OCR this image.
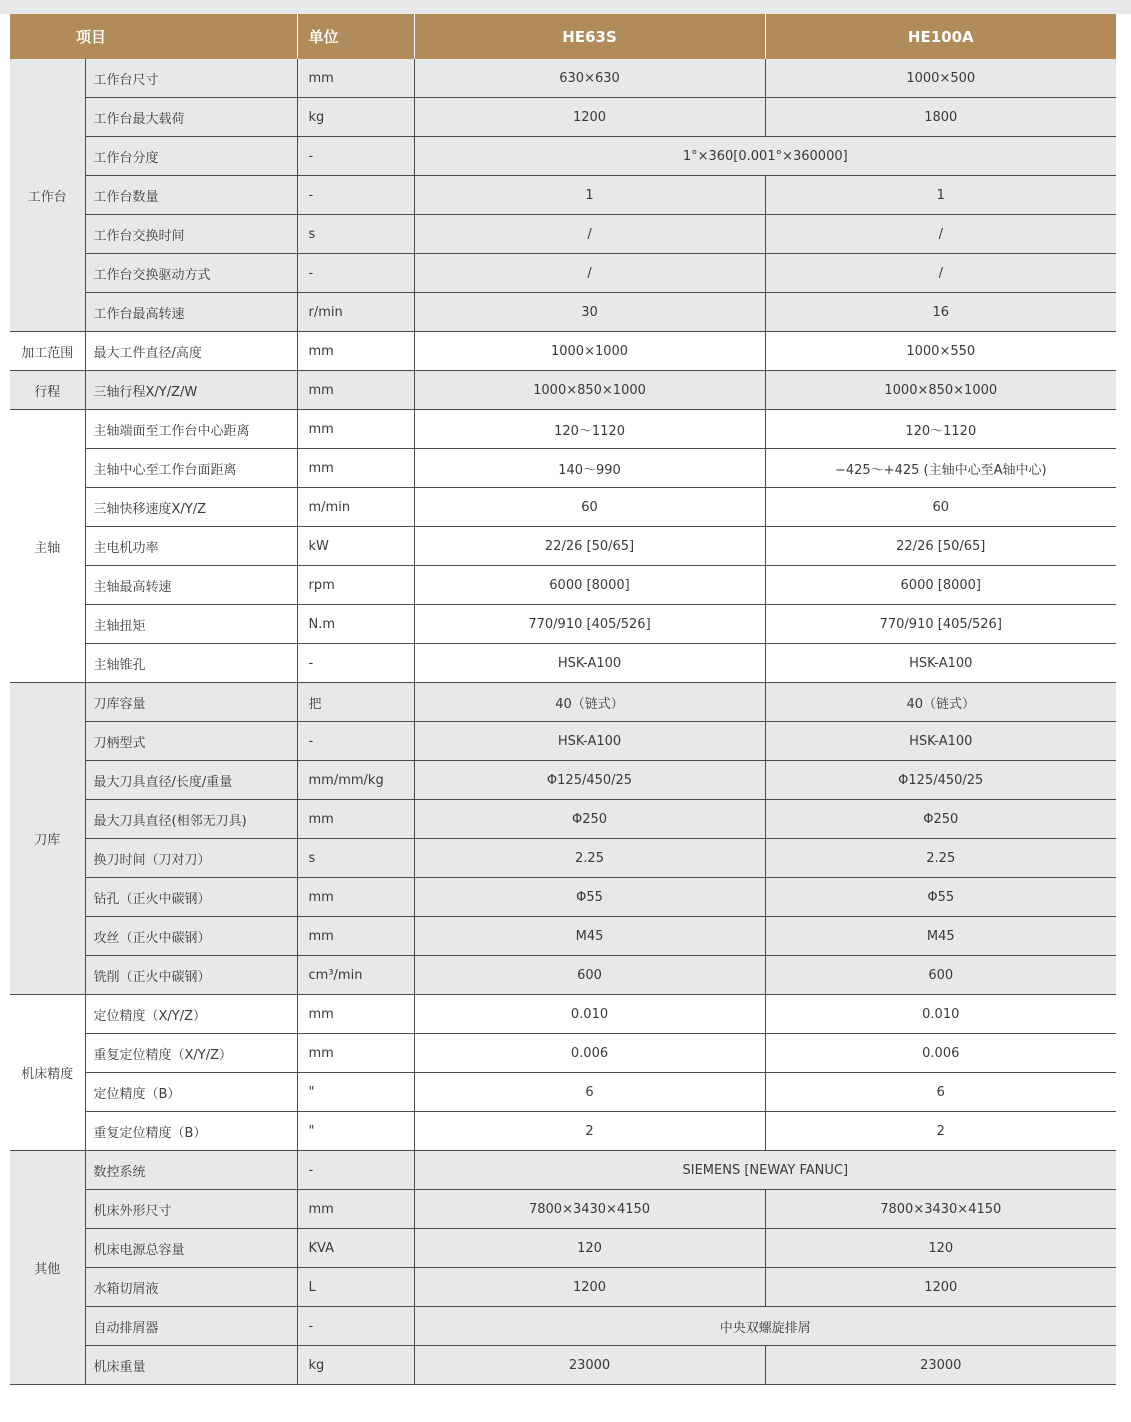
项目		单位	HE63S	HE100A
工作台	工作台尺寸	mm	630×630	1000×500
	工作台最大载荷	kg	1200	1800
	工作台分度	-	1°×360[0.001°×360000]	
	工作台数量	-	1	1
	工作台交换时间	s	/	/
	工作台交换驱动方式	-	/	/
	工作台最高转速	r/min	30	16
加工范围	最大工件直径/高度	mm	1000×1000	1000×550
行程	三轴行程X/Y/Z/W	mm	1000×850×1000	1000×850×1000
主轴	主轴端面至工作台中心距离	mm	120～1120	120～1120
	主轴中心至工作台面距离	mm	140～990	−425～+425 (主轴中心至A轴中心)
	三轴快移速度X/Y/Z	m/min	60	60
	主电机功率	kW	22/26 [50/65]	22/26 [50/65]
	主轴最高转速	rpm	6000 [8000]	6000 [8000]
	主轴扭矩	N.m	770/910 [405/526]	770/910 [405/526]
	主轴锥孔	-	HSK-A100	HSK-A100
刀库	刀库容量	把	40（链式）	40（链式）
	刀柄型式	-	HSK-A100	HSK-A100
	最大刀具直径/长度/重量	mm/mm/kg	Φ125/450/25	Φ125/450/25
	最大刀具直径(相邻无刀具)	mm	Φ250	Φ250
	换刀时间（刀对刀）	s	2.25	2.25
	钻孔（正火中碳钢）	mm	Φ55	Φ55
	攻丝（正火中碳钢）	mm	M45	M45
	铣削（正火中碳钢）	cm³/min	600	600
机床精度	定位精度（X/Y/Z）	mm	0.010	0.010
	重复定位精度（X/Y/Z）	mm	0.006	0.006
	定位精度（B）	"	6	6
	重复定位精度（B）	"	2	2
其他	数控系统	-	SIEMENS [NEWAY FANUC]	
	机床外形尺寸	mm	7800×3430×4150	7800×3430×4150
	机床电源总容量	KVA	120	120
	水箱切屑液	L	1200	1200
	自动排屑器	-	中央双螺旋排屑	
	机床重量	kg	23000	23000
